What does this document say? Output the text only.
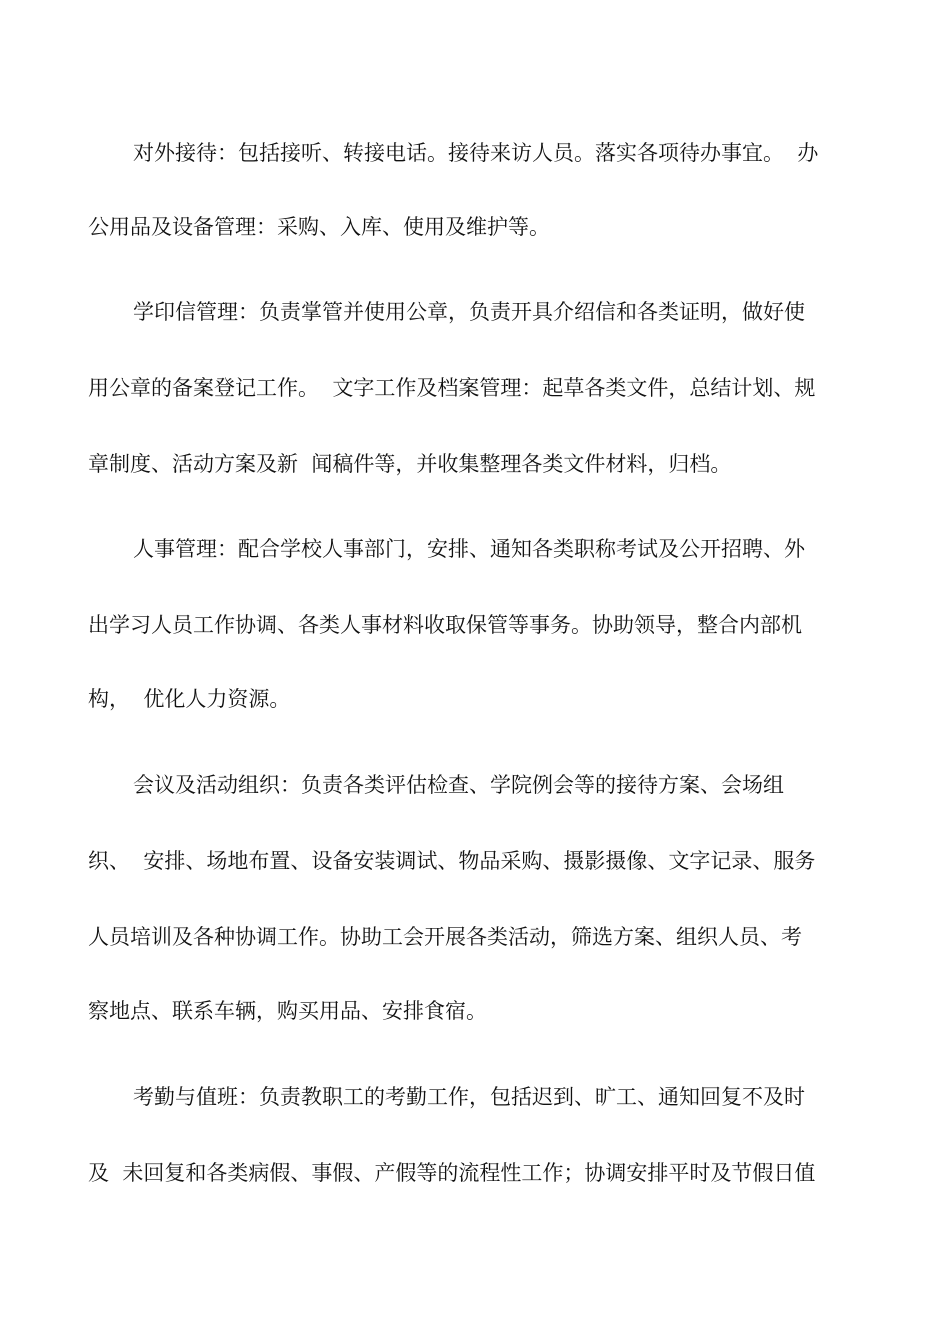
对外接待：包括接听、转接电话。接待来访人员。落实各项待办事宜。  办
公用品及设备管理：采购、入库、使用及维护等。
学印信管理：负责掌管并使用公章，负责开具介绍信和各类证明，做好使
用公章的备案登记工作。  文字工作及档案管理：起草各类文件，总结计划、规
章制度、活动方案及新  闻稿件等，并收集整理各类文件材料，归档。
人事管理：配合学校人事部门，安排、通知各类职称考试及公开招聘、外
出学习人员工作协调、各类人事材料收取保管等事务。协助领导，整合内部机
构，  优化人力资源。
会议及活动组织：负责各类评估检查、学院例会等的接待方案、会场组
织、  安排、场地布置、设备安装调试、物品采购、摄影摄像、文字记录、服务
人员培训及各种协调工作。协助工会开展各类活动，筛选方案、组织人员、考
察地点、联系车辆，购买用品、安排食宿。
考勤与值班：负责教职工的考勤工作，包括迟到、旷工、通知回复不及时
及  未回复和各类病假、事假、产假等的流程性工作；协调安排平时及节假日值
